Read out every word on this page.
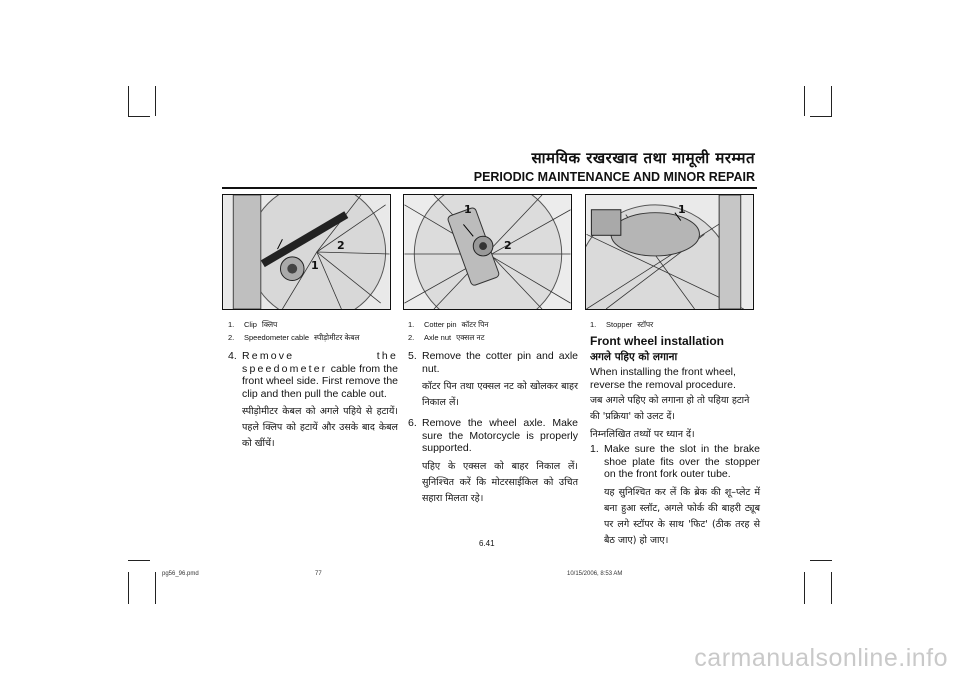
सामयिक रखरखाव तथा मामूली मरम्मत
PERIODIC MAINTENANCE AND MINOR REPAIR
2
1
1
2
1
1.	Clip क्लिप
2.	Speedometer cable स्पीड़ोमीटर केबल
4. Remove the speedometer cable from the front wheel side. First remove the clip and then pull the cable out.
स्पीड़ोमीटर केबल को अगले पहिये से हटायें। पहले क्लिप को हटायें और उसके बाद केबल को खींचें।
1.	Cotter pin कॉटर पिन
2.	Axle nut एक्सल नट
5. Remove the cotter pin and axle nut.
कॉटर पिन तथा एक्सल नट को खोलकर बाहर निकाल लें।
6. Remove the wheel axle. Make sure the Motorcycle is properly supported.
पहिए के एक्सल को बाहर निकाल लें। सुनिश्चित करें कि मोटरसाईकिल को उचित सहारा मिलता रहे।
1.	Stopper स्टॉपर
Front wheel installation
अगले पहिए को लगाना
When installing the front wheel, reverse the removal procedure.
जब अगले पहिए को लगाना हो तो पहिया हटाने की 'प्रक्रिया' को उलट दें।
निम्नलिखित तथ्यों पर ध्यान दें।
1. Make sure the slot in the brake shoe plate fits over the stopper on the front fork outer tube.
यह सुनिश्चित कर लें कि ब्रेक की शू–प्लेट में बना हुआ स्लॉट, अगले फोर्क की बाहरी ट्यूब पर लगे स्टॉपर के साथ 'फिट' (ठीक तरह से बैठ जाए) हो जाए।
6.41
pg56_96.pmd	77	10/15/2006, 8:53 AM
carmanualsonline.info
